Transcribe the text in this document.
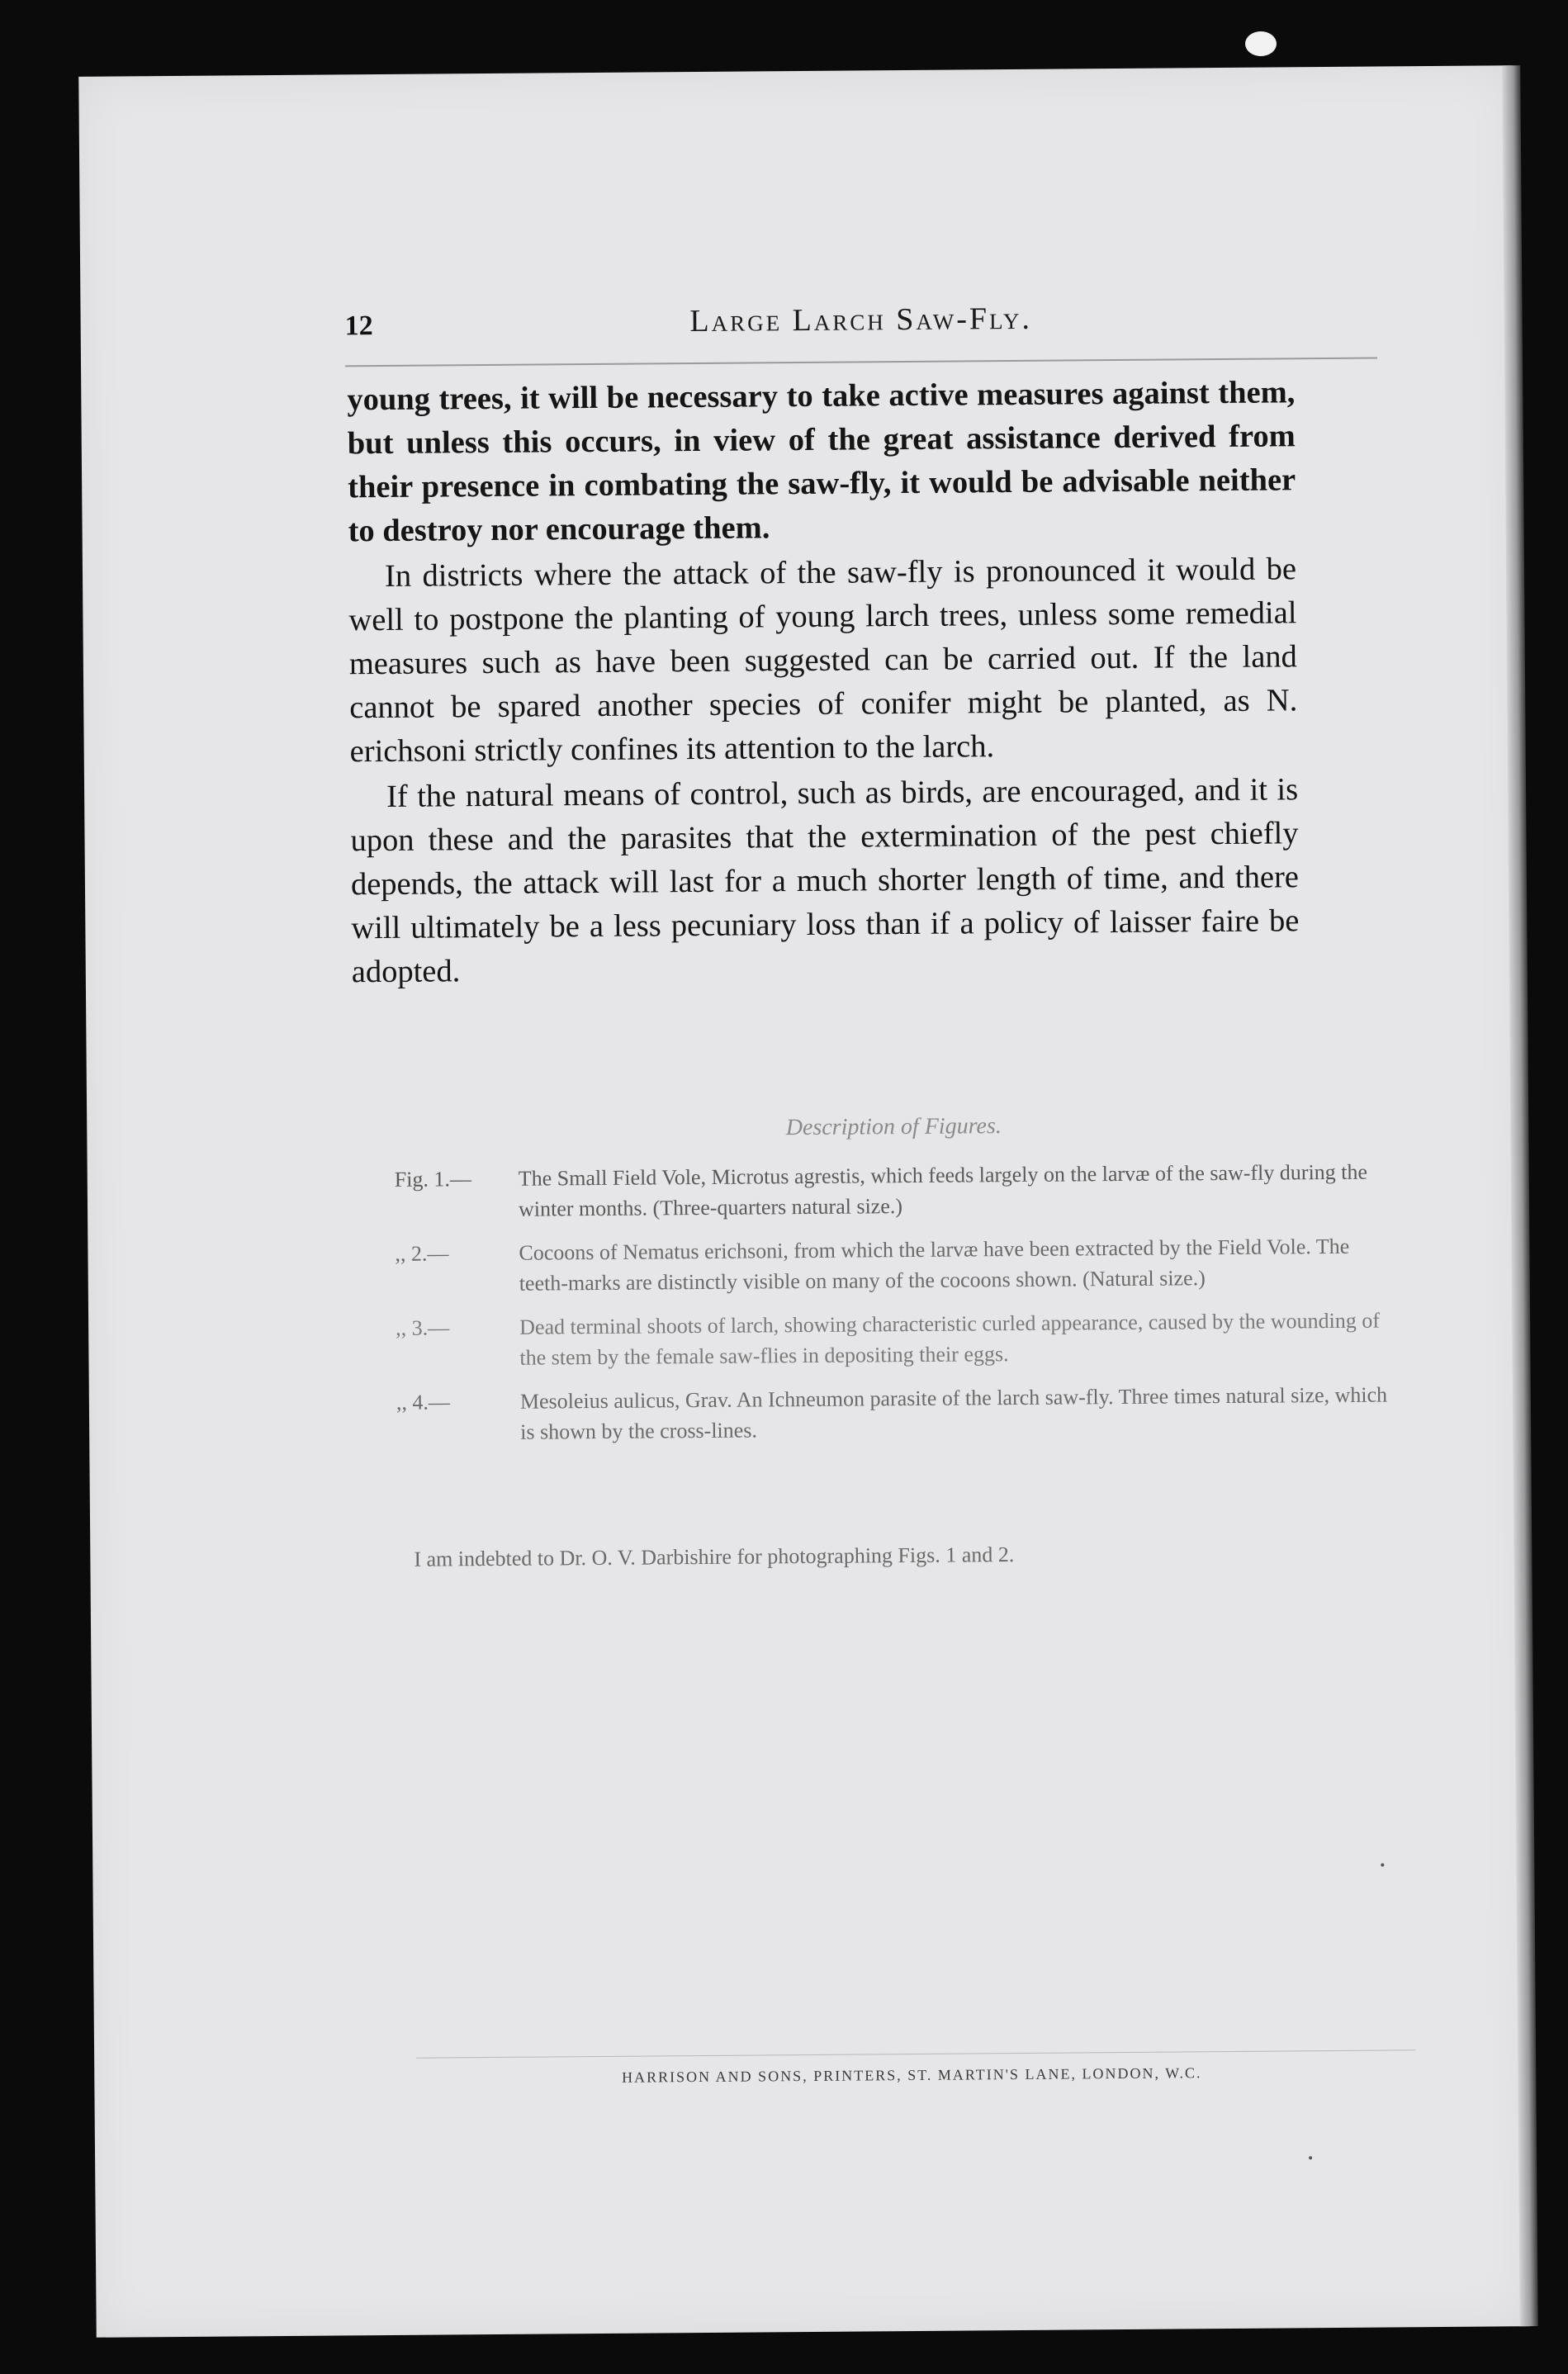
12	Large Larch Saw-Fly.

young trees, it will be necessary to take active measures against them, but unless this occurs, in view of the great assistance derived from their presence in combating the saw-fly, it would be advisable neither to destroy nor encourage them.

In districts where the attack of the saw-fly is pronounced it would be well to postpone the planting of young larch trees, unless some remedial measures such as have been suggested can be carried out. If the land cannot be spared another species of conifer might be planted, as N. erichsoni strictly confines its attention to the larch.

If the natural means of control, such as birds, are encouraged, and it is upon these and the parasites that the extermination of the pest chiefly depends, the attack will last for a much shorter length of time, and there will ultimately be a less pecuniary loss than if a policy of laisser faire be adopted.

Description of Figures.
Fig. 1.—	The Small Field Vole, Microtus agrestis, which feeds largely on the larvæ of the saw-fly during the winter months. (Three-quarters natural size.)
,, 2.—	Cocoons of Nematus erichsoni, from which the larvæ have been extracted by the Field Vole. The teeth-marks are distinctly visible on many of the cocoons shown. (Natural size.)
,, 3.—	Dead terminal shoots of larch, showing characteristic curled appearance, caused by the wounding of the stem by the female saw-flies in depositing their eggs.
,, 4.—	Mesoleius aulicus, Grav. An Ichneumon parasite of the larch saw-fly. Three times natural size, which is shown by the cross-lines.
I am indebted to Dr. O. V. Darbishire for photographing Figs. 1 and 2.
HARRISON AND SONS, PRINTERS, ST. MARTIN'S LANE, LONDON, W.C.
